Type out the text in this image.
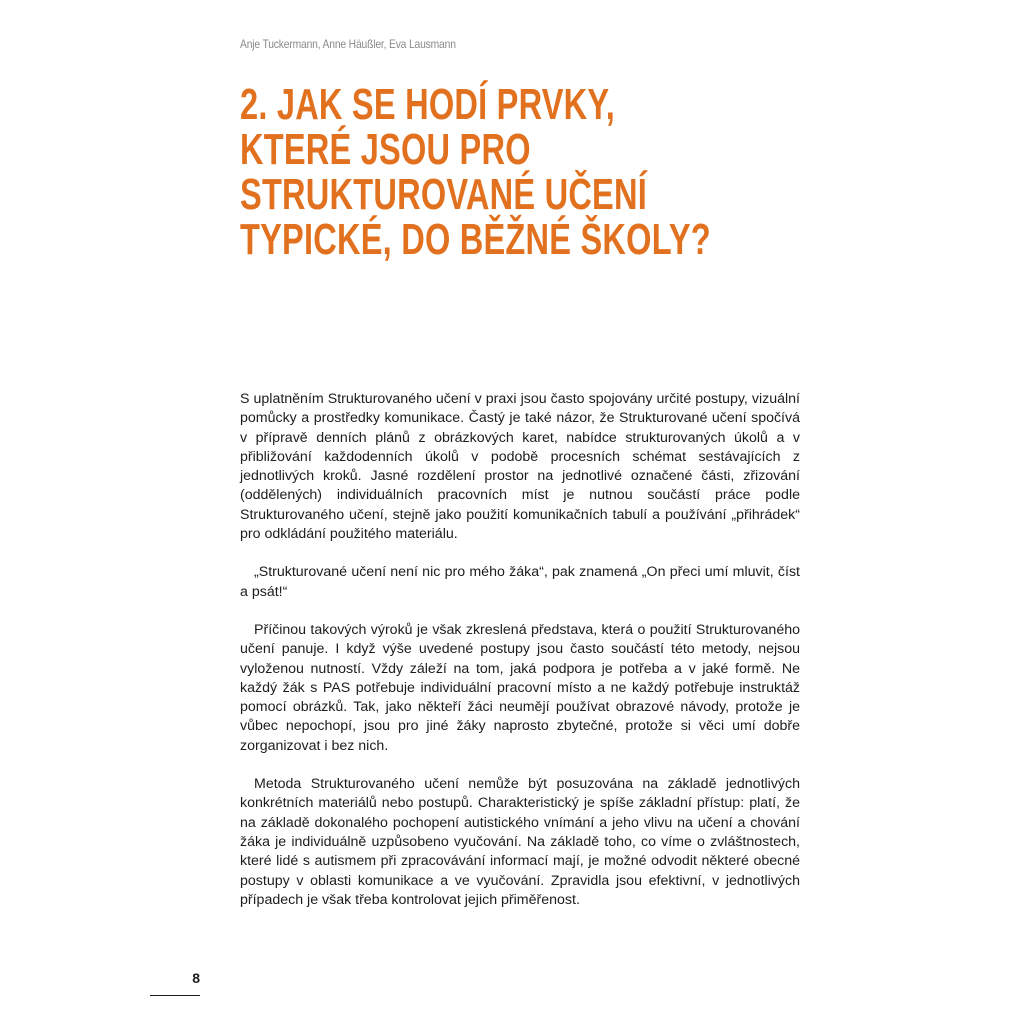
Anje Tuckermann, Anne Häußler, Eva Lausmann
2. JAK SE HODÍ PRVKY,
KTERÉ JSOU PRO
STRUKTUROVANÉ UČENÍ
TYPICKÉ, DO BĚŽNÉ ŠKOLY?

S uplatněním Strukturovaného učení v praxi jsou často spojovány určité postupy, vizuální pomůcky a prostředky komunikace. Častý je také názor, že Strukturované učení spočívá v přípravě denních plánů z obrázkových karet, nabídce strukturovaných úkolů a v přibližování každodenních úkolů v podobě procesních schémat sestávajících z jednotlivých kroků. Jasné rozdělení prostor na jednotlivé označené části, zřizování (oddělených) individuálních pracovních míst je nutnou součástí práce podle Strukturovaného učení, stejně jako použití komunikačních tabulí a používání „přihrádek“ pro odkládání použitého materiálu.

„Strukturované učení není nic pro mého žáka“, pak znamená „On přeci umí mluvit, číst a psát!“

Příčinou takových výroků je však zkreslená představa, která o použití Strukturovaného učení panuje. I když výše uvedené postupy jsou často součástí této metody, nejsou vyloženou nutností. Vždy záleží na tom, jaká podpora je potřeba a v jaké formě. Ne každý žák s PAS potřebuje individuální pracovní místo a ne každý potřebuje instruktáž pomocí obrázků. Tak, jako někteří žáci neumějí používat obrazové návody, protože je vůbec nepochopí, jsou pro jiné žáky naprosto zbytečné, protože si věci umí dobře zorganizovat i bez nich.

Metoda Strukturovaného učení nemůže být posuzována na základě jednotlivých konkrétních materiálů nebo postupů. Charakteristický je spíše základní přístup: platí, že na základě dokonalého pochopení autistického vnímání a jeho vlivu na učení a chování žáka je individuálně uzpůsobeno vyučování. Na základě toho, co víme o zvláštnostech, které lidé s autismem při zpracovávání informací mají, je možné odvodit některé obecné postupy v oblasti komunikace a ve vyučování. Zpravidla jsou efektivní, v jednotlivých případech je však třeba kontrolovat jejich přiměřenost.

8
